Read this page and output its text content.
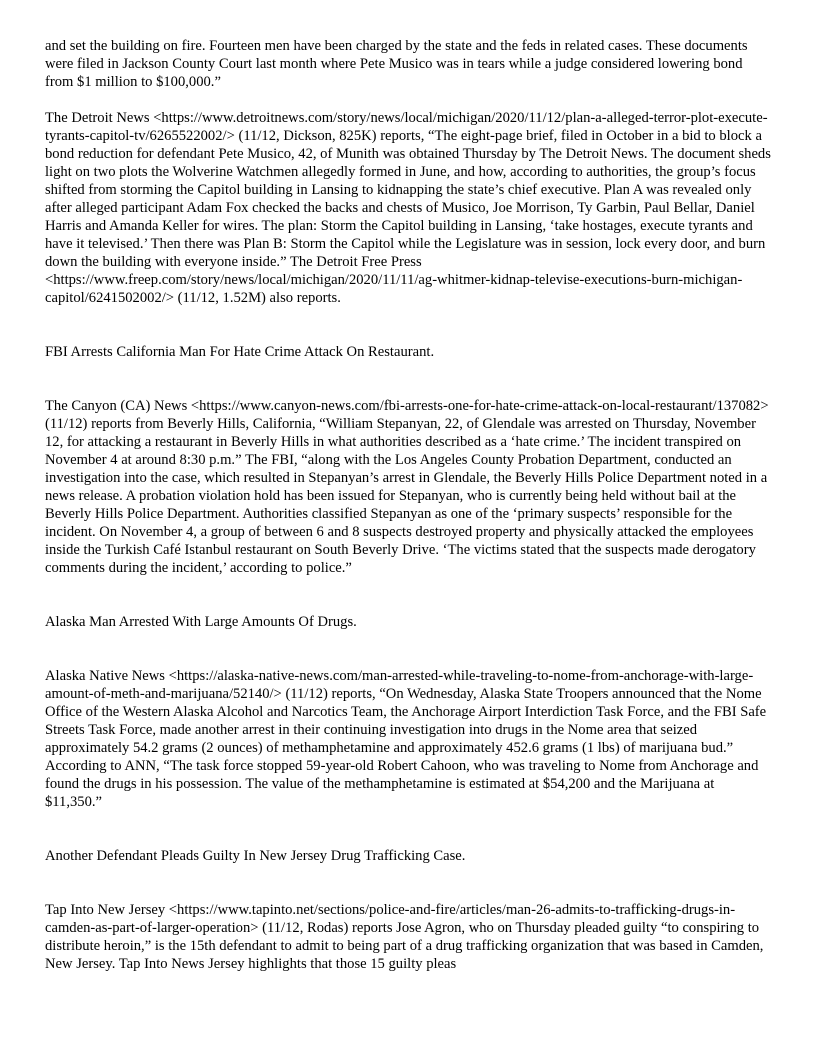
and set the building on fire. Fourteen men have been charged by the state and the feds in related cases. These documents were filed in Jackson County Court last month where Pete Musico was in tears while a judge considered lowering bond from $1 million to $100,000.”

The Detroit News <https://www.detroitnews.com/story/news/local/michigan/2020/11/12/plan-a-alleged-terror-plot-execute-tyrants-capitol-tv/6265522002/> (11/12, Dickson, 825K) reports, “The eight-page brief, filed in October in a bid to block a bond reduction for defendant Pete Musico, 42, of Munith was obtained Thursday by The Detroit News. The document sheds light on two plots the Wolverine Watchmen allegedly formed in June, and how, according to authorities, the group’s focus shifted from storming the Capitol building in Lansing to kidnapping the state’s chief executive. Plan A was revealed only after alleged participant Adam Fox checked the backs and chests of Musico, Joe Morrison, Ty Garbin, Paul Bellar, Daniel Harris and Amanda Keller for wires. The plan: Storm the Capitol building in Lansing, ‘take hostages, execute tyrants and have it televised.’ Then there was Plan B: Storm the Capitol while the Legislature was in session, lock every door, and burn down the building with everyone inside.” The Detroit Free Press <https://www.freep.com/story/news/local/michigan/2020/11/11/ag-whitmer-kidnap-televise-executions-burn-michigan-capitol/6241502002/> (11/12, 1.52M) also reports.

FBI Arrests California Man For Hate Crime Attack On Restaurant.

The Canyon (CA) News <https://www.canyon-news.com/fbi-arrests-one-for-hate-crime-attack-on-local-restaurant/137082> (11/12) reports from Beverly Hills, California, “William Stepanyan, 22, of Glendale was arrested on Thursday, November 12, for attacking a restaurant in Beverly Hills in what authorities described as a ‘hate crime.’ The incident transpired on November 4 at around 8:30 p.m.” The FBI, “along with the Los Angeles County Probation Department, conducted an investigation into the case, which resulted in Stepanyan’s arrest in Glendale, the Beverly Hills Police Department noted in a news release. A probation violation hold has been issued for Stepanyan, who is currently being held without bail at the Beverly Hills Police Department. Authorities classified Stepanyan as one of the ‘primary suspects’ responsible for the incident. On November 4, a group of between 6 and 8 suspects destroyed property and physically attacked the employees inside the Turkish Café Istanbul restaurant on South Beverly Drive. ‘The victims stated that the suspects made derogatory comments during the incident,’ according to police.”

Alaska Man Arrested With Large Amounts Of Drugs.

Alaska Native News <https://alaska-native-news.com/man-arrested-while-traveling-to-nome-from-anchorage-with-large-amount-of-meth-and-marijuana/52140/> (11/12) reports, “On Wednesday, Alaska State Troopers announced that the Nome Office of the Western Alaska Alcohol and Narcotics Team, the Anchorage Airport Interdiction Task Force, and the FBI Safe Streets Task Force, made another arrest in their continuing investigation into drugs in the Nome area that seized approximately 54.2 grams (2 ounces) of methamphetamine and approximately 452.6 grams (1 lbs) of marijuana bud.” According to ANN, “The task force stopped 59-year-old Robert Cahoon, who was traveling to Nome from Anchorage and found the drugs in his possession. The value of the methamphetamine is estimated at $54,200 and the Marijuana at $11,350.”

Another Defendant Pleads Guilty In New Jersey Drug Trafficking Case.

Tap Into New Jersey <https://www.tapinto.net/sections/police-and-fire/articles/man-26-admits-to-trafficking-drugs-in-camden-as-part-of-larger-operation> (11/12, Rodas) reports Jose Agron, who on Thursday pleaded guilty “to conspiring to distribute heroin,” is the 15th defendant to admit to being part of a drug trafficking organization that was based in Camden, New Jersey. Tap Into News Jersey highlights that those 15 guilty pleas
